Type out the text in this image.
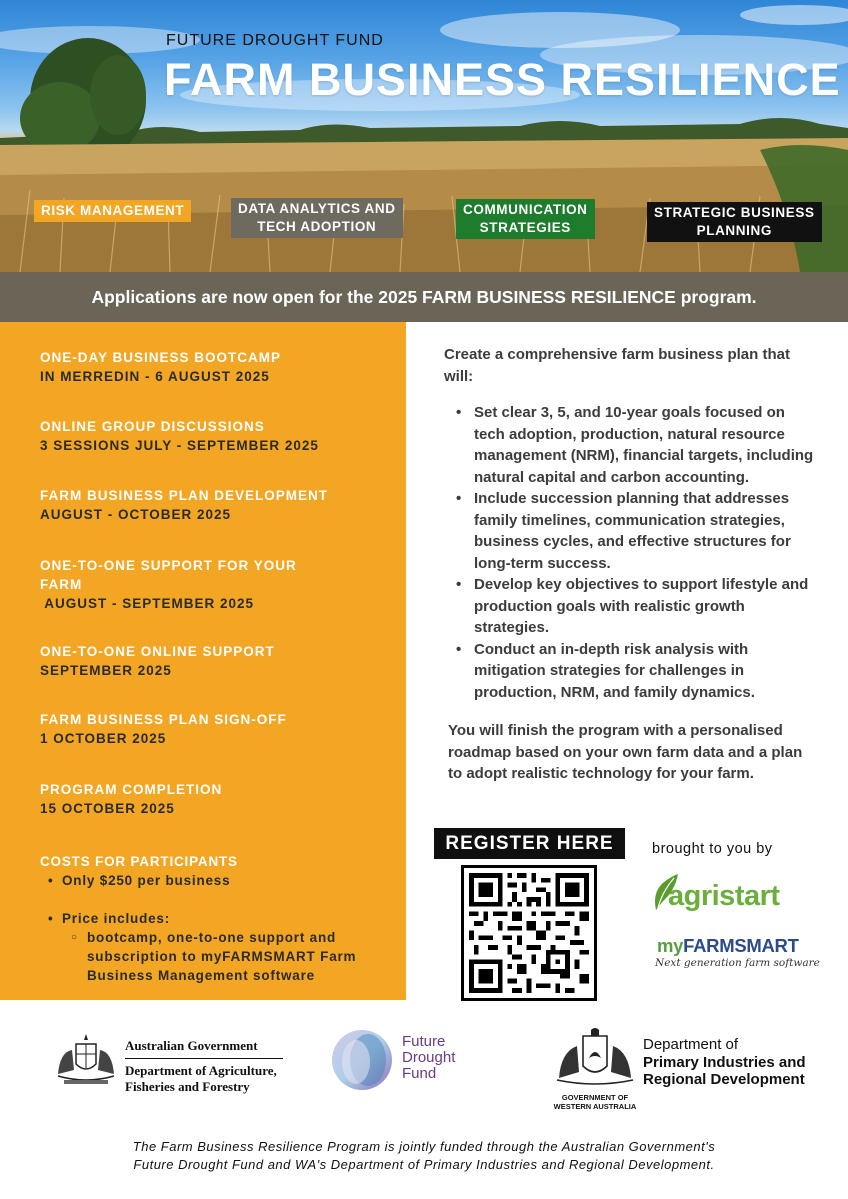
FUTURE DROUGHT FUND
FARM BUSINESS RESILIENCE
RISK MANAGEMENT	DATA ANALYTICS AND
TECH ADOPTION
COMMUNICATION
STRATEGIES
STRATEGIC BUSINESS
PLANNING
Applications are now open for the 2025 FARM BUSINESS RESILIENCE program.
ONE-DAY BUSINESS BOOTCAMP
IN MERREDIN - 6 AUGUST 2025
ONLINE GROUP DISCUSSIONS
3 SESSIONS JULY - SEPTEMBER 2025
FARM BUSINESS PLAN DEVELOPMENT
AUGUST - OCTOBER 2025
ONE-TO-ONE SUPPORT FOR YOUR FARM
AUGUST - SEPTEMBER 2025
ONE-TO-ONE ONLINE SUPPORT
SEPTEMBER 2025
FARM BUSINESS PLAN SIGN-OFF
1 OCTOBER 2025
PROGRAM COMPLETION
15 OCTOBER 2025
COSTS FOR PARTICIPANTS
• Only $250 per business
• Price includes:
○ bootcamp, one-to-one support and subscription to myFARMSMART Farm Business Management software
Create a comprehensive farm business plan that will:
• Set clear 3, 5, and 10-year goals focused on tech adoption, production, natural resource management (NRM), financial targets, including natural capital and carbon accounting.
• Include succession planning that addresses family timelines, communication strategies, business cycles, and effective structures for long-term success.
• Develop key objectives to support lifestyle and production goals with realistic growth strategies.
• Conduct an in-depth risk analysis with mitigation strategies for challenges in production, NRM, and family dynamics.
You will finish the program with a personalised roadmap based on your own farm data and a plan to adopt realistic technology for your farm.
REGISTER HERE	brought to you by
agristart
myFARMSMART
Next generation farm software
Australian Government
Department of Agriculture,
Fisheries and Forestry
Future
Drought
Fund
GOVERNMENT OF
WESTERN AUSTRALIA
Department of
Primary Industries and
Regional Development
The Farm Business Resilience Program is jointly funded through the Australian Government's
Future Drought Fund and WA's Department of Primary Industries and Regional Development.
